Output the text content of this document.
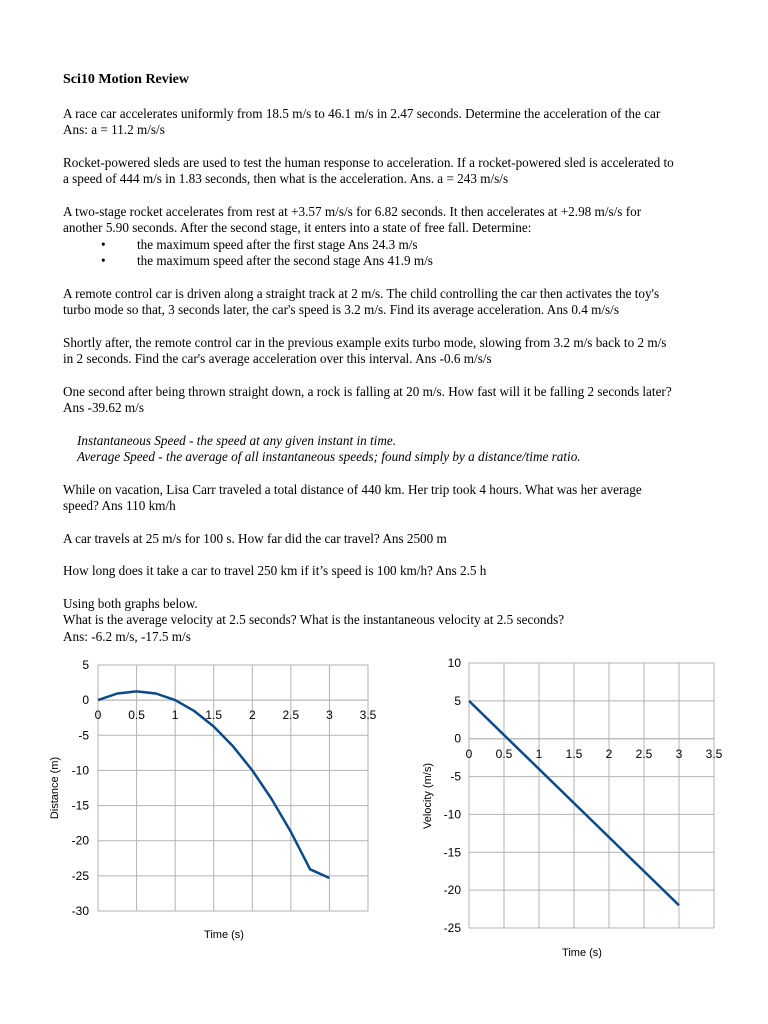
Sci10 Motion Review

A race car accelerates uniformly from 18.5 m/s to 46.1 m/s in 2.47 seconds. Determine the acceleration of the car

Ans: a = 11.2 m/s/s

Rocket-powered sleds are used to test the human response to acceleration. If a rocket-powered sled is accelerated to

a speed of 444 m/s in 1.83 seconds, then what is the acceleration. Ans. a = 243 m/s/s

A two-stage rocket accelerates from rest at +3.57 m/s/s for 6.82 seconds. It then accelerates at +2.98 m/s/s for

another 5.90 seconds. After the second stage, it enters into a state of free fall. Determine:

• the maximum speed after the first stage Ans 24.3 m/s
• the maximum speed after the second stage Ans 41.9 m/s

A remote control car is driven along a straight track at 2 m/s. The child controlling the car then activates the toy's

turbo mode so that, 3 seconds later, the car's speed is 3.2 m/s. Find its average acceleration. Ans 0.4 m/s/s

Shortly after, the remote control car in the previous example exits turbo mode, slowing from 3.2 m/s back to 2 m/s

in 2 seconds. Find the car's average acceleration over this interval. Ans -0.6 m/s/s

One second after being thrown straight down, a rock is falling at 20 m/s. How fast will it be falling 2 seconds later?

Ans -39.62 m/s

Instantaneous Speed - the speed at any given instant in time.

Average Speed - the average of all instantaneous speeds; found simply by a distance/time ratio.

While on vacation, Lisa Carr traveled a total distance of 440 km. Her trip took 4 hours. What was her average

speed? Ans 110 km/h

A car travels at 25 m/s for 100 s. How far did the car travel? Ans 2500 m

How long does it take a car to travel 250 km if it’s speed is 100 km/h? Ans 2.5 h

Using both graphs below.

What is the average velocity at 2.5 seconds? What is the instantaneous velocity at 2.5 seconds?

Ans: -6.2 m/s, -17.5 m/s

5
0
-5
-10
-15
-20
-25
-30
0 0.5 1 1.5 2 2.5 3 3.5
Time (s)
Distance (m)
10
5
0
-5
-10
-15
-20
-25
0 0.5 1 1.5 2 2.5 3 3.5
Time (s)
Velocity (m/s)
